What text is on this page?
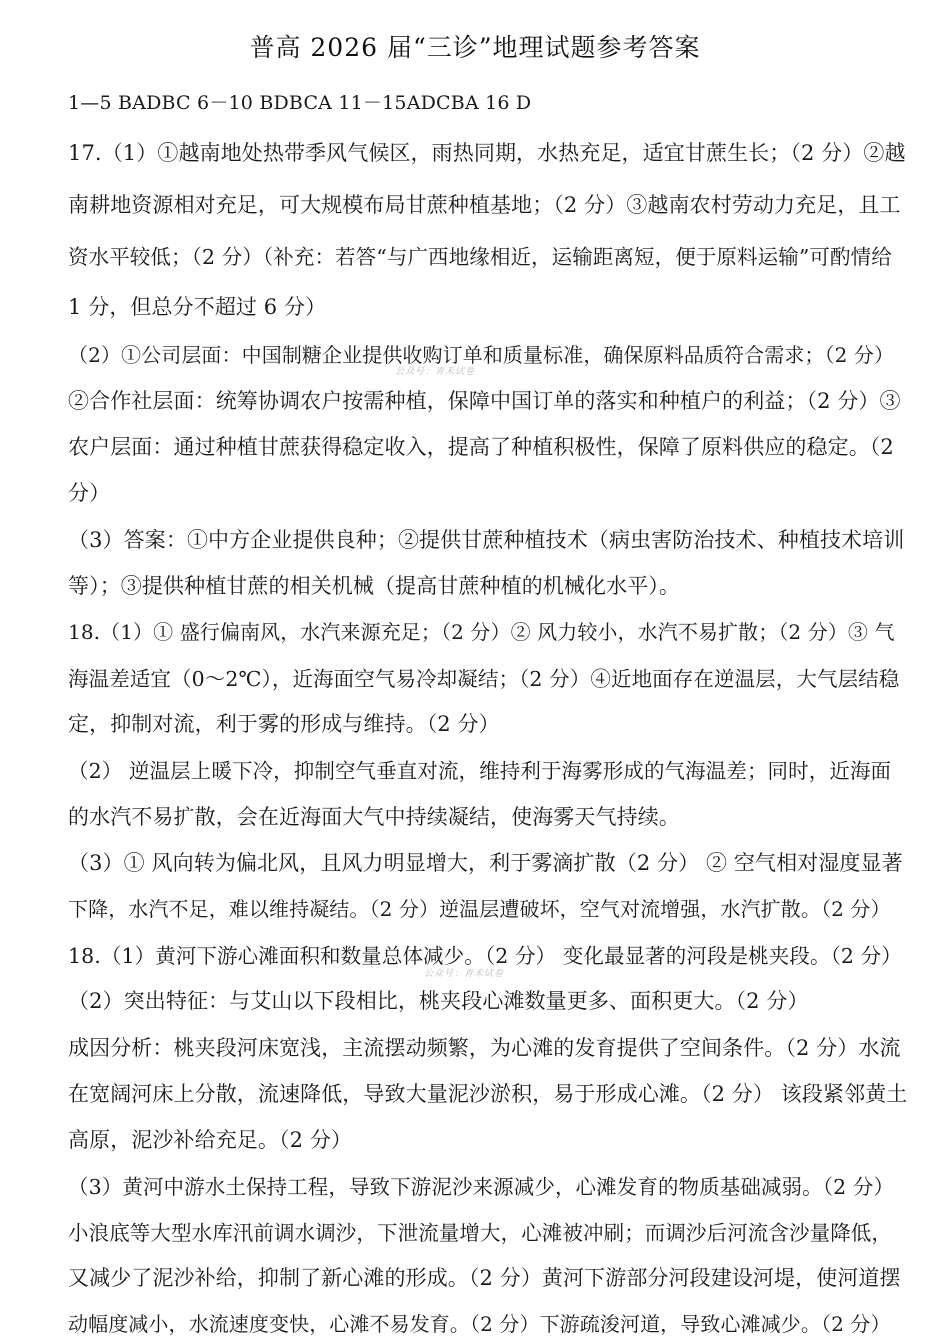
普高 2026 届“三诊”地理试题参考答案
1—5 BADBC 6－10 BDBCA 11－15ADCBA 16 D
17.（1）①越南地处热带季风气候区，雨热同期，水热充足，适宜甘蔗生长；（2 分）②越
南耕地资源相对充足，可大规模布局甘蔗种植基地；（2 分）③越南农村劳动力充足，且工
资水平较低；（2 分）（补充：若答“与广西地缘相近，运输距离短，便于原料运输”可酌情给
1 分，但总分不超过 6 分）
（2）①公司层面：中国制糖企业提供收购订单和质量标准，确保原料品质符合需求；（2 分）
②合作社层面：统筹协调农户按需种植，保障中国订单的落实和种植户的利益；（2 分）③
农户层面：通过种植甘蔗获得稳定收入，提高了种植积极性，保障了原料供应的稳定。（2
分）
（3）答案：①中方企业提供良种；②提供甘蔗种植技术（病虫害防治技术、种植技术培训
等）；③提供种植甘蔗的相关机械（提高甘蔗种植的机械化水平）。
18.（1）① 盛行偏南风，水汽来源充足；（2 分）② 风力较小，水汽不易扩散；（2 分）③ 气
海温差适宜（0～2℃），近海面空气易冷却凝结；（2 分）④近地面存在逆温层，大气层结稳
定，抑制对流，利于雾的形成与维持。（2 分）
（2） 逆温层上暖下冷，抑制空气垂直对流，维持利于海雾形成的气海温差；同时，近海面
的水汽不易扩散，会在近海面大气中持续凝结，使海雾天气持续。
（3）① 风向转为偏北风，且风力明显增大，利于雾滴扩散（2 分） ② 空气相对湿度显著
下降，水汽不足，难以维持凝结。（2 分）逆温层遭破坏，空气对流增强，水汽扩散。（2 分）
18.（1）黄河下游心滩面积和数量总体减少。（2 分） 变化最显著的河段是桃夹段。（2 分）
（2）突出特征：与艾山以下段相比，桃夹段心滩数量更多、面积更大。（2 分）
成因分析：桃夹段河床宽浅，主流摆动频繁，为心滩的发育提供了空间条件。（2 分）水流
在宽阔河床上分散，流速降低，导致大量泥沙淤积，易于形成心滩。（2 分） 该段紧邻黄土
高原，泥沙补给充足。（2 分）
（3）黄河中游水土保持工程，导致下游泥沙来源减少，心滩发育的物质基础减弱。（2 分）
小浪底等大型水库汛前调水调沙，下泄流量增大，心滩被冲刷；而调沙后河流含沙量降低，
又减少了泥沙补给，抑制了新心滩的形成。（2 分）黄河下游部分河段建设河堤，使河道摆
动幅度减小，水流速度变快，心滩不易发育。（2 分）下游疏浚河道，导致心滩减少。（2 分）
公众号：青禾试卷
公众号：青禾试卷
